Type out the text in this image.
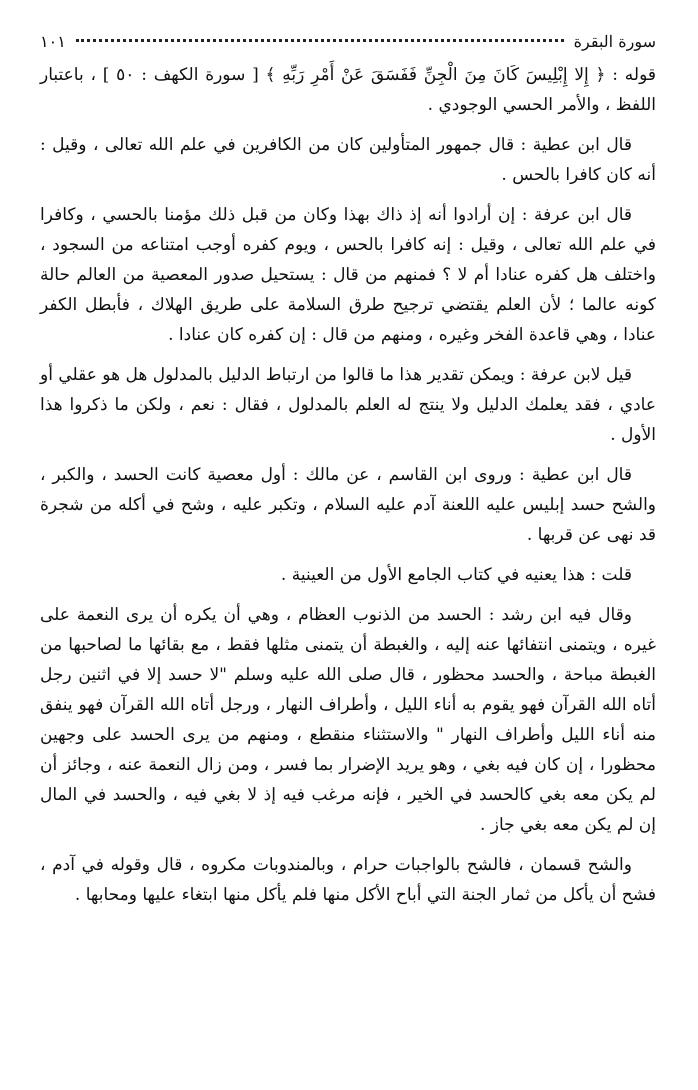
سورة البقرة
١٠١

قوله : ﴿ إِلا إِبْلِيسَ كَانَ مِنَ الْجِنِّ فَفَسَقَ عَنْ أَمْرِ رَبِّهِ ﴾ [ سورة الكهف : ٥٠ ] ، باعتبار اللفظ ، والأمر الحسي الوجودي .

قال ابن عطية : قال جمهور المتأولين كان من الكافرين في علم الله تعالى ، وقيل : أنه كان كافرا بالحس .

قال ابن عرفة : إن أرادوا أنه إذ ذاك بهذا وكان من قبل ذلك مؤمنا بالحسي ، وكافرا في علم الله تعالى ، وقيل : إنه كافرا بالحس ، ويوم كفره أوجب امتناعه من السجود ، واختلف هل كفره عنادا أم لا ؟ فمنهم من قال : يستحيل صدور المعصية من العالم حالة كونه عالما ؛ لأن العلم يقتضي ترجيح طرق السلامة على طريق الهلاك ، فأبطل الكفر عنادا ، وهي قاعدة الفخر وغيره ، ومنهم من قال : إن كفره كان عنادا .

قيل لابن عرفة : ويمكن تقدير هذا ما قالوا من ارتباط الدليل بالمدلول هل هو عقلي أو عادي ، فقد يعلمك الدليل ولا ينتج له العلم بالمدلول ، فقال : نعم ، ولكن ما ذكروا هذا الأول .

قال ابن عطية : وروى ابن القاسم ، عن مالك : أول معصية كانت الحسد ، والكبر ، والشح حسد إبليس عليه اللعنة آدم عليه السلام ، وتكبر عليه ، وشح في أكله من شجرة قد نهى عن قربها .

قلت : هذا يعنيه في كتاب الجامع الأول من العينية .

وقال فيه ابن رشد : الحسد من الذنوب العظام ، وهي أن يكره أن يرى النعمة على غيره ، ويتمنى انتفائها عنه إليه ، والغبطة أن يتمنى مثلها فقط ، مع بقائها ما لصاحبها من الغبطة مباحة ، والحسد محظور ، قال صلى الله عليه وسلم "لا حسد إلا في اثنين رجل أتاه الله القرآن فهو يقوم به أناء الليل ، وأطراف النهار ، ورجل أتاه الله القرآن فهو ينفق منه أناء الليل وأطراف النهار " والاستثناء منقطع ، ومنهم من يرى الحسد على وجهين محظورا ، إن كان فيه بغي ، وهو يريد الإضرار بما فسر ، ومن زال النعمة عنه ، وجائز أن لم يكن معه بغي كالحسد في الخير ، فإنه مرغب فيه إذ لا بغي فيه ، والحسد في المال إن لم يكن معه بغي جاز .

والشح قسمان ، فالشح بالواجبات حرام ، وبالمندوبات مكروه ، قال وقوله في آدم ، فشح أن يأكل من ثمار الجنة التي أباح الأكل منها فلم يأكل منها ابتغاء عليها ومحابها .
